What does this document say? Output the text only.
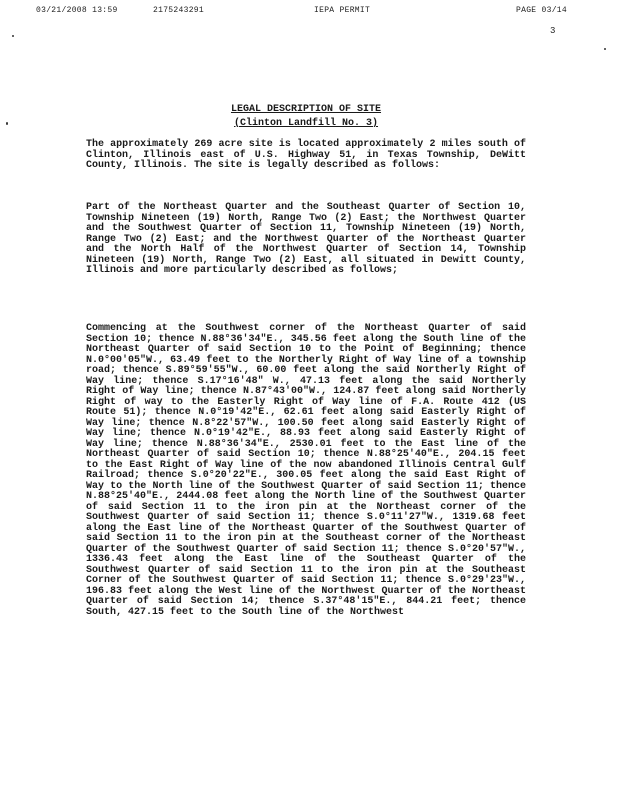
03/21/2008 13:59	2175243291	IEPA PERMIT	PAGE 03/14
3
LEGAL DESCRIPTION OF SITE
(Clinton Landfill No. 3)

The approximately 269 acre site is located approximately 2 miles south of Clinton, Illinois east of U.S. Highway 51, in Texas Township, DeWitt County, Illinois. The site is legally described as follows:

Part of the Northeast Quarter and the Southeast Quarter of Section 10, Township Nineteen (19) North, Range Two (2) East; the Northwest Quarter and the Southwest Quarter of Section 11, Township Nineteen (19) North, Range Two (2) East; and the Northwest Quarter of the Northeast Quarter and the North Half of the Northwest Quarter of Section 14, Township Nineteen (19) North, Range Two (2) East, all situated in Dewitt County, Illinois and more particularly described as follows;

Commencing at the Southwest corner of the Northeast Quarter of said Section 10; thence N.88°36'34"E., 345.56 feet along the South line of the Northeast Quarter of said Section 10 to the Point of Beginning; thence N.0°00'05"W., 63.49 feet to the Northerly Right of Way line of a township road; thence S.89°59'55"W., 60.00 feet along the said Northerly Right of Way line; thence S.17°16'48" W., 47.13 feet along the said Northerly Right of Way line; thence N.87°43'00"W., 124.87 feet along said Northerly Right of way to the Easterly Right of Way line of F.A. Route 412 (US Route 51); thence N.0°19'42"E., 62.61 feet along said Easterly Right of Way line; thence N.8°22'57"W., 100.50 feet along said Easterly Right of Way line; thence N.0°19'42"E., 88.93 feet along said Easterly Right of Way line; thence N.88°36'34"E., 2530.01 feet to the East line of the Northeast Quarter of said Section 10; thence N.88°25'40"E., 204.15 feet to the East Right of Way line of the now abandoned Illinois Central Gulf Railroad; thence S.0°20'22"E., 300.05 feet along the said East Right of Way to the North line of the Southwest Quarter of said Section 11; thence N.88°25'40"E., 2444.08 feet along the North line of the Southwest Quarter of said Section 11 to the iron pin at the Northeast corner of the Southwest Quarter of said Section 11; thence S.0°11'27"W., 1319.68 feet along the East line of the Northeast Quarter of the Southwest Quarter of said Section 11 to the iron pin at the Southeast corner of the Northeast Quarter of the Southwest Quarter of said Section 11; thence S.0°20'57"W., 1336.43 feet along the East line of the Southeast Quarter of the Southwest Quarter of said Section 11 to the iron pin at the Southeast Corner of the Southwest Quarter of said Section 11; thence S.0°29'23"W., 196.83 feet along the West line of the Northwest Quarter of the Northeast Quarter of said Section 14; thence S.37°48'15"E., 844.21 feet; thence South, 427.15 feet to the South line of the Northwest
